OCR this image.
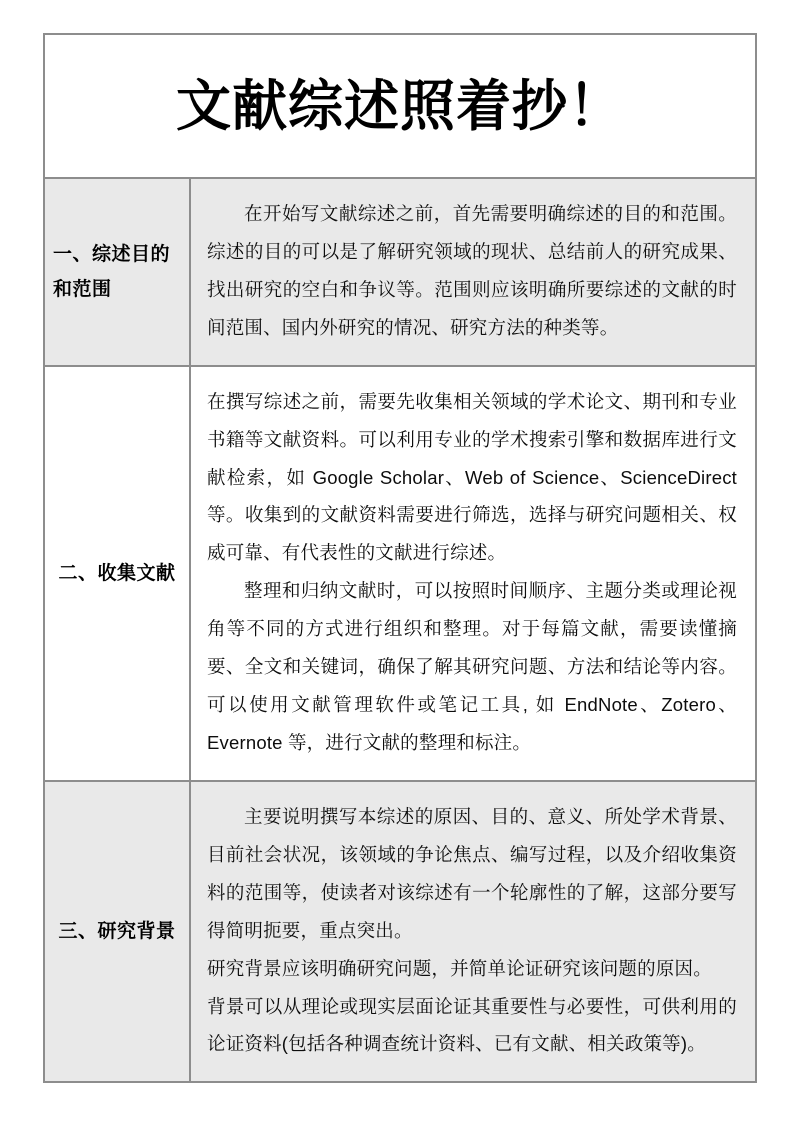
文献综述照着抄！
一、综述目的和范围

在开始写文献综述之前，首先需要明确综述的目的和范围。综述的目的可以是了解研究领域的现状、总结前人的研究成果、找出研究的空白和争议等。范围则应该明确所要综述的文献的时间范围、国内外研究的情况、研究方法的种类等。

二、收集文献

在撰写综述之前，需要先收集相关领域的学术论文、期刊和专业书籍等文献资料。可以利用专业的学术搜索引擎和数据库进行文献检索，如 Google Scholar、Web of Science、ScienceDirect 等。收集到的文献资料需要进行筛选，选择与研究问题相关、权威可靠、有代表性的文献进行综述。

整理和归纳文献时，可以按照时间顺序、主题分类或理论视角等不同的方式进行组织和整理。对于每篇文献，需要读懂摘要、全文和关键词，确保了解其研究问题、方法和结论等内容。可以使用文献管理软件或笔记工具, 如 EndNote、Zotero、Evernote 等，进行文献的整理和标注。

三、研究背景

主要说明撰写本综述的原因、目的、意义、所处学术背景、目前社会状况，该领域的争论焦点、编写过程，以及介绍收集资料的范围等，使读者对该综述有一个轮廓性的了解，这部分要写得简明扼要，重点突出。

研究背景应该明确研究问题，并简单论证研究该问题的原因。

背景可以从理论或现实层面论证其重要性与必要性，可供利用的论证资料(包括各种调查统计资料、已有文献、相关政策等)。
